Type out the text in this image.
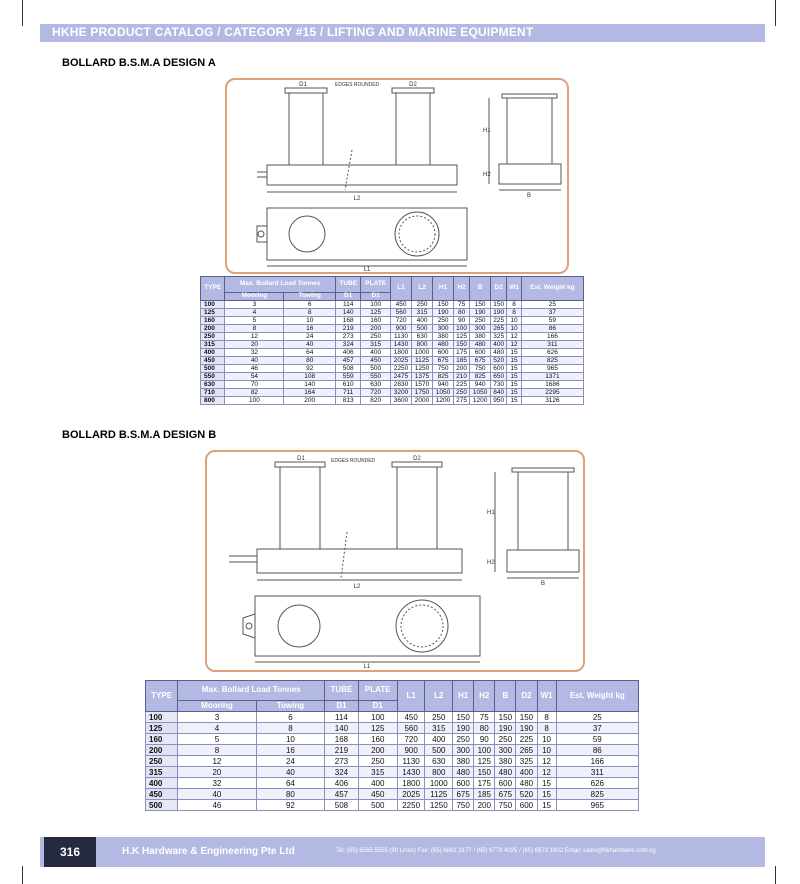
HKHE PRODUCT CATALOG / CATEGORY #15 / LIFTING AND MARINE EQUIPMENT
BOLLARD B.S.M.A DESIGN A
D1	EDGES ROUNDED	D2
L2
L1
H1
H2
B
TYPE	Max. Bollard Load Tonnes		TUBE	PLATE	L1	L2	H1	H2	B	D2	W1	Est. Weight kg
	Mooring	Towing	D1	D1								
100	3	6	114	100	450	250	150	75	150	150	8	25
125	4	8	140	125	560	315	190	80	190	190	8	37
160	5	10	168	160	720	400	250	90	250	225	10	59
200	8	16	219	200	900	500	300	100	300	265	10	86
250	12	24	273	250	1130	630	380	125	380	325	12	166
315	20	40	324	315	1430	800	480	150	480	400	12	311
400	32	64	406	400	1800	1000	600	175	600	480	15	626
450	40	80	457	450	2025	1125	675	185	675	520	15	825
500	46	92	508	500	2250	1250	750	200	750	600	15	965
550	54	108	559	550	2475	1375	825	210	825	650	15	1371
630	70	140	610	630	2830	1570	940	225	940	730	15	1686
710	82	164	711	720	3200	1750	1050	250	1050	840	15	2295
800	100	200	813	820	3600	2000	1200	275	1200	950	15	3126
BOLLARD B.S.M.A DESIGN B
D1	EDGES ROUNDED	D2
L2
L1
H1
H2
B
TYPE	Max. Bollard Load Tonnes		TUBE	PLATE	L1	L2	H1	H2	B	D2	W1	Est. Weight kg
	Mooring	Towing	D1	D1								
100	3	6	114	100	450	250	150	75	150	150	8	25
125	4	8	140	125	560	315	190	80	190	190	8	37
160	5	10	168	160	720	400	250	90	250	225	10	59
200	8	16	219	200	900	500	300	100	300	265	10	86
250	12	24	273	250	1130	630	380	125	380	325	12	166
315	20	40	324	315	1430	800	480	150	480	400	12	311
400	32	64	406	400	1800	1000	600	175	600	480	15	626
450	40	80	457	450	2025	1125	675	185	675	520	15	825
500	46	92	508	500	2250	1250	750	200	750	600	15	965
316	H.K Hardware & Engineering Pte Ltd	Tel: (65) 6565 5555 (30 Lines) Fax: (65) 6861 3177 / (65) 6778 4025 / (65) 6873 1602 Email: sales@hkhardware.com.sg
